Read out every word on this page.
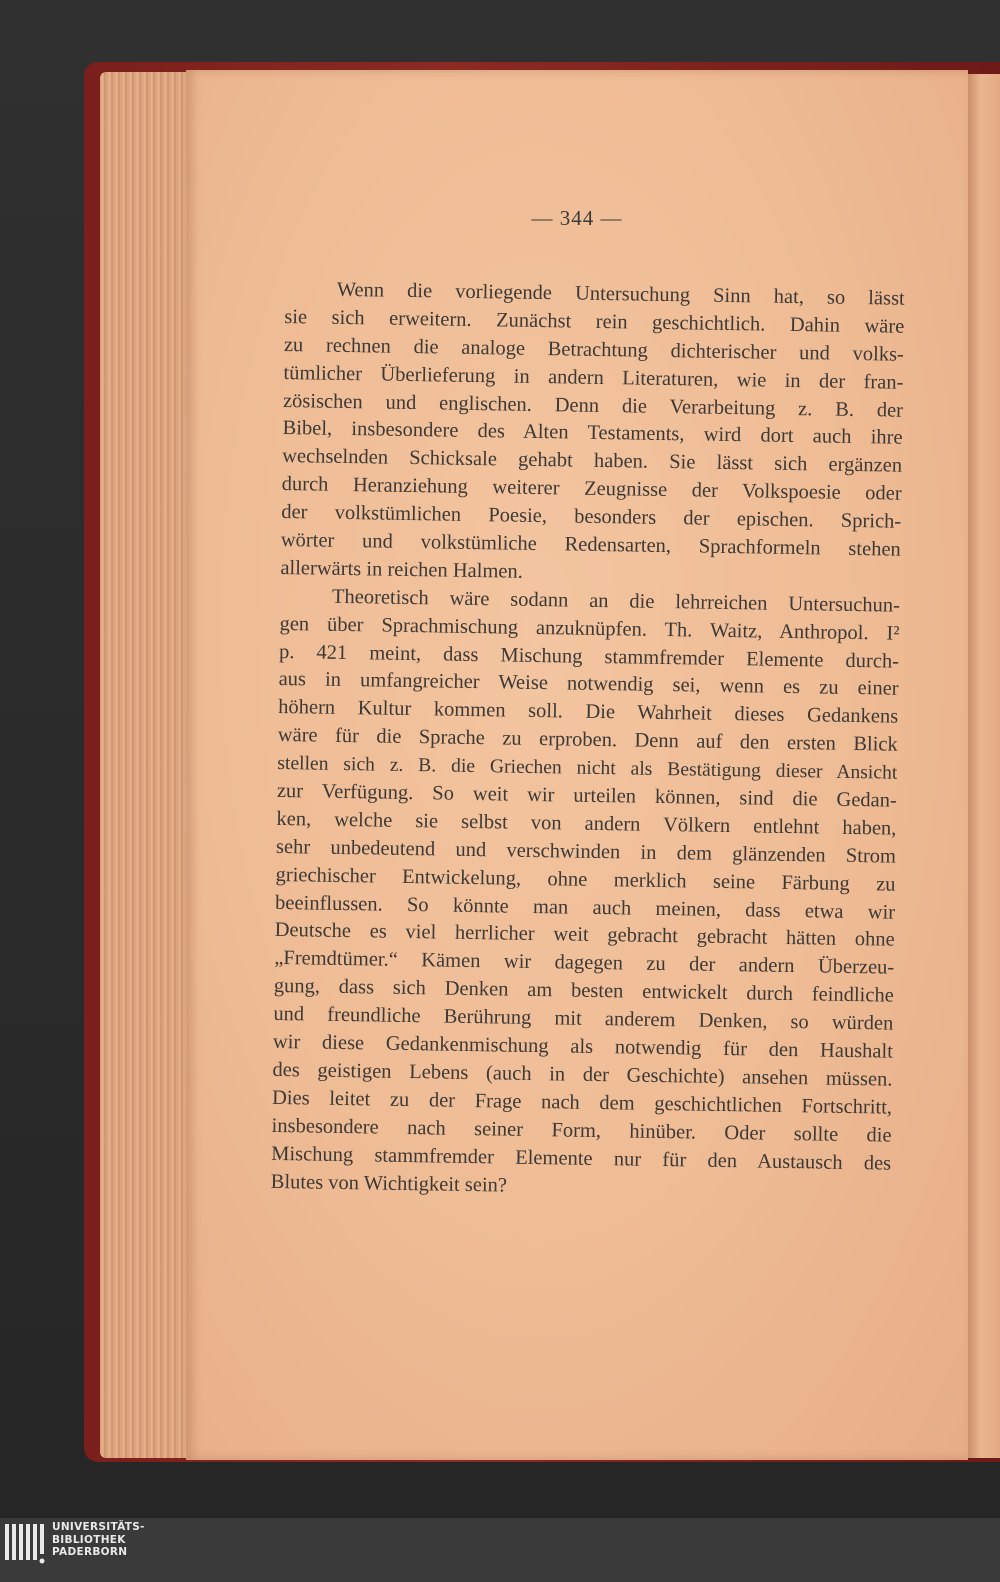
— 344 —
Wenn die vorliegende Untersuchung Sinn hat, so lässt
sie sich erweitern. Zunächst rein geschichtlich. Dahin wäre
zu rechnen die analoge Betrachtung dichterischer und volks-
tümlicher Überlieferung in andern Literaturen, wie in der fran-
zösischen und englischen. Denn die Verarbeitung z. B. der
Bibel, insbesondere des Alten Testaments, wird dort auch ihre
wechselnden Schicksale gehabt haben. Sie lässt sich ergänzen
durch Heranziehung weiterer Zeugnisse der Volkspoesie oder
der volkstümlichen Poesie, besonders der epischen. Sprich-
wörter und volkstümliche Redensarten, Sprachformeln stehen
allerwärts in reichen Halmen.
Theoretisch wäre sodann an die lehrreichen Untersuchun-
gen über Sprachmischung anzuknüpfen. Th. Waitz, Anthropol. I²
p. 421 meint, dass Mischung stammfremder Elemente durch-
aus in umfangreicher Weise notwendig sei, wenn es zu einer
höhern Kultur kommen soll. Die Wahrheit dieses Gedankens
wäre für die Sprache zu erproben. Denn auf den ersten Blick
stellen sich z. B. die Griechen nicht als Bestätigung dieser Ansicht
zur Verfügung. So weit wir urteilen können, sind die Gedan-
ken, welche sie selbst von andern Völkern entlehnt haben,
sehr unbedeutend und verschwinden in dem glänzenden Strom
griechischer Entwickelung, ohne merklich seine Färbung zu
beeinflussen. So könnte man auch meinen, dass etwa wir
Deutsche es viel herrlicher weit gebracht gebracht hätten ohne
„Fremdtümer.“ Kämen wir dagegen zu der andern Überzeu-
gung, dass sich Denken am besten entwickelt durch feindliche
und freundliche Berührung mit anderem Denken, so würden
wir diese Gedankenmischung als notwendig für den Haushalt
des geistigen Lebens (auch in der Geschichte) ansehen müssen.
Dies leitet zu der Frage nach dem geschichtlichen Fortschritt,
insbesondere nach seiner Form, hinüber. Oder sollte die
Mischung stammfremder Elemente nur für den Austausch des
Blutes von Wichtigkeit sein?
UNIVERSITÄTS-
BIBLIOTHEK
PADERBORN
